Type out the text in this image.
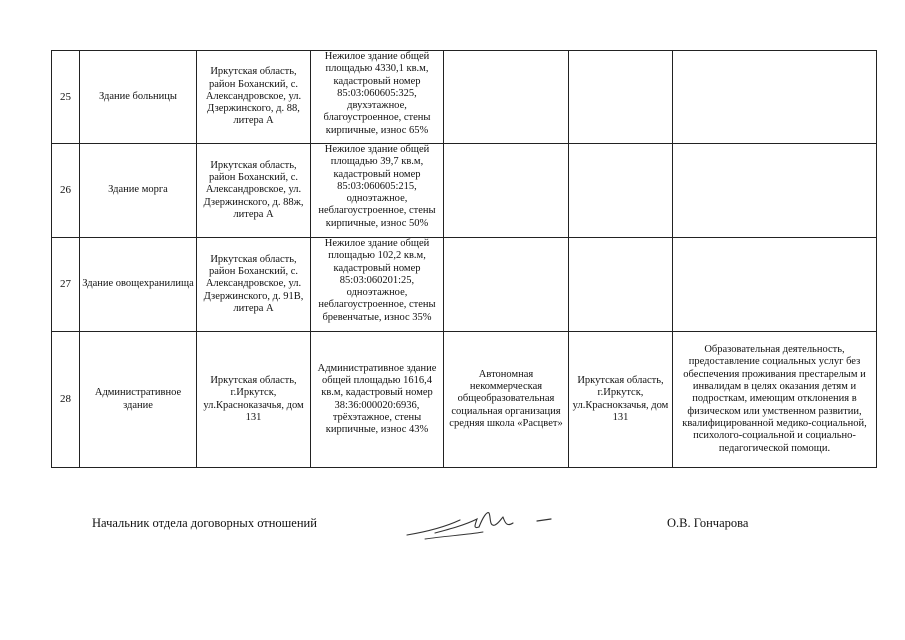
25	Здание больницы	Иркутская область, район Боханский, с. Александровское, ул. Дзержинского, д. 88, литера А	Нежилое здание общей площадью 4330,1 кв.м, кадастровый номер 85:03:060605:325, двухэтажное, благоустроенное, стены кирпичные, износ 65%			
26	Здание морга	Иркутская область, район Боханский, с. Александровское, ул. Дзержинского, д. 88ж, литера А	Нежилое здание общей площадью 39,7 кв.м, кадастровый номер 85:03:060605:215, одноэтажное, неблагоустроенное, стены кирпичные, износ 50%			
27	Здание овощехранилища	Иркутская область, район Боханский, с. Александровское, ул. Дзержинского, д. 91В, литера А	Нежилое здание общей площадью 102,2 кв.м, кадастровый номер 85:03:060201:25, одноэтажное, неблагоустроенное, стены бревенчатые, износ 35%			
28	Административное здание	Иркутская область, г.Иркутск, ул.Красноказачья, дом 131	Административное здание общей площадью 1616,4 кв.м, кадастровый номер 38:36:000020:6936, трёхэтажное, стены кирпичные, износ 43%	Автономная некоммерческая общеобразовательная социальная организация средняя школа «Расцвет»	Иркутская область, г.Иркутск, ул.Краснокзачья, дом 131	Образовательная деятельность, предоставление социальных услуг без обеспечения проживания престарелым и инвалидам в целях оказания детям и подросткам, имеющим отклонения в физическом или умственном развитии, квалифицированной медико-социальной, психолого-социальной и социально-педагогической помощи.
Начальник отдела договорных отношений	О.В. Гончарова
